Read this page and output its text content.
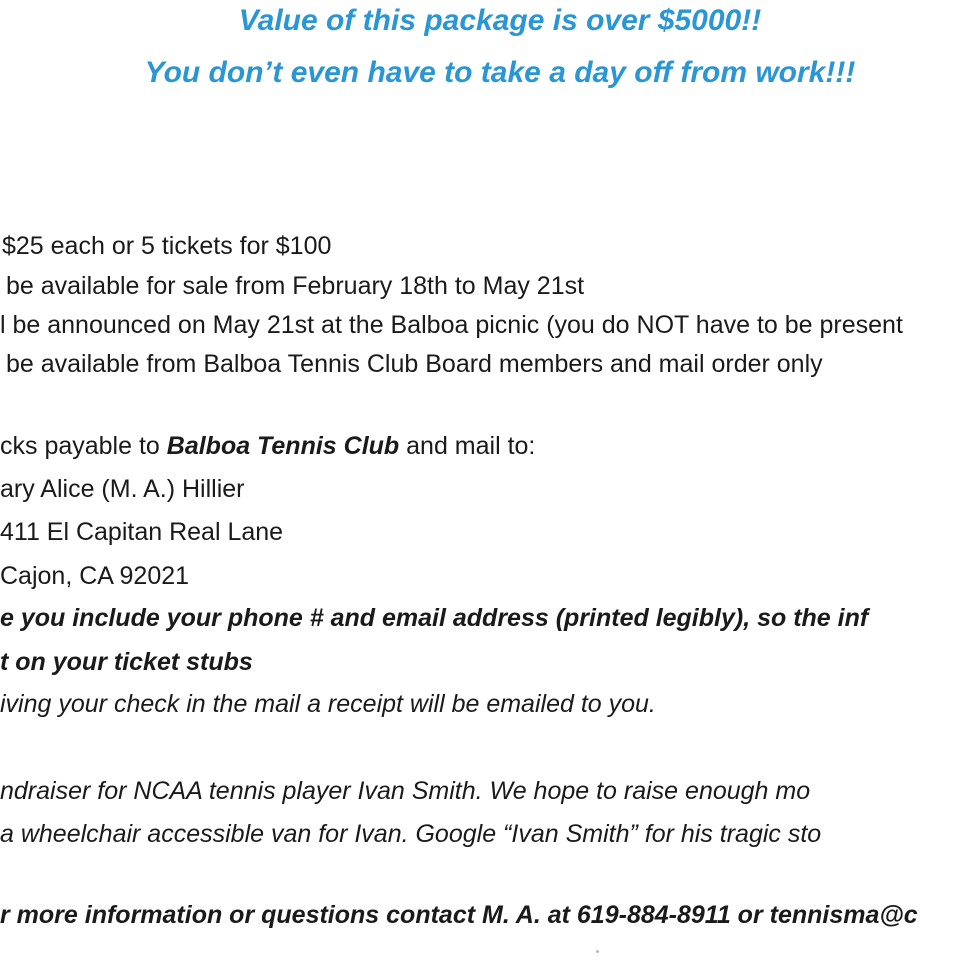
Value of this package is over $5000!!
You don’t even have to take a day off from work!!!
$25 each or 5 tickets for $100
be available for sale from February 18th to May 21st
l be announced on May 21st at the Balboa picnic (you do NOT have to be present
be available from Balboa Tennis Club Board members and mail order only
cks payable to Balboa Tennis Club and mail to:
ary Alice (M. A.) Hillier
411 El Capitan Real Lane
Cajon, CA 92021
e you include your phone # and email address (printed legibly), so the inf
t on your ticket stubs
iving your check in the mail a receipt will be emailed to you.
ndraiser for NCAA tennis player Ivan Smith. We hope to raise enough mo
a wheelchair accessible van for Ivan. Google “Ivan Smith” for his tragic sto
r more information or questions contact M. A. at 619-884-8911 or tennisma@c
